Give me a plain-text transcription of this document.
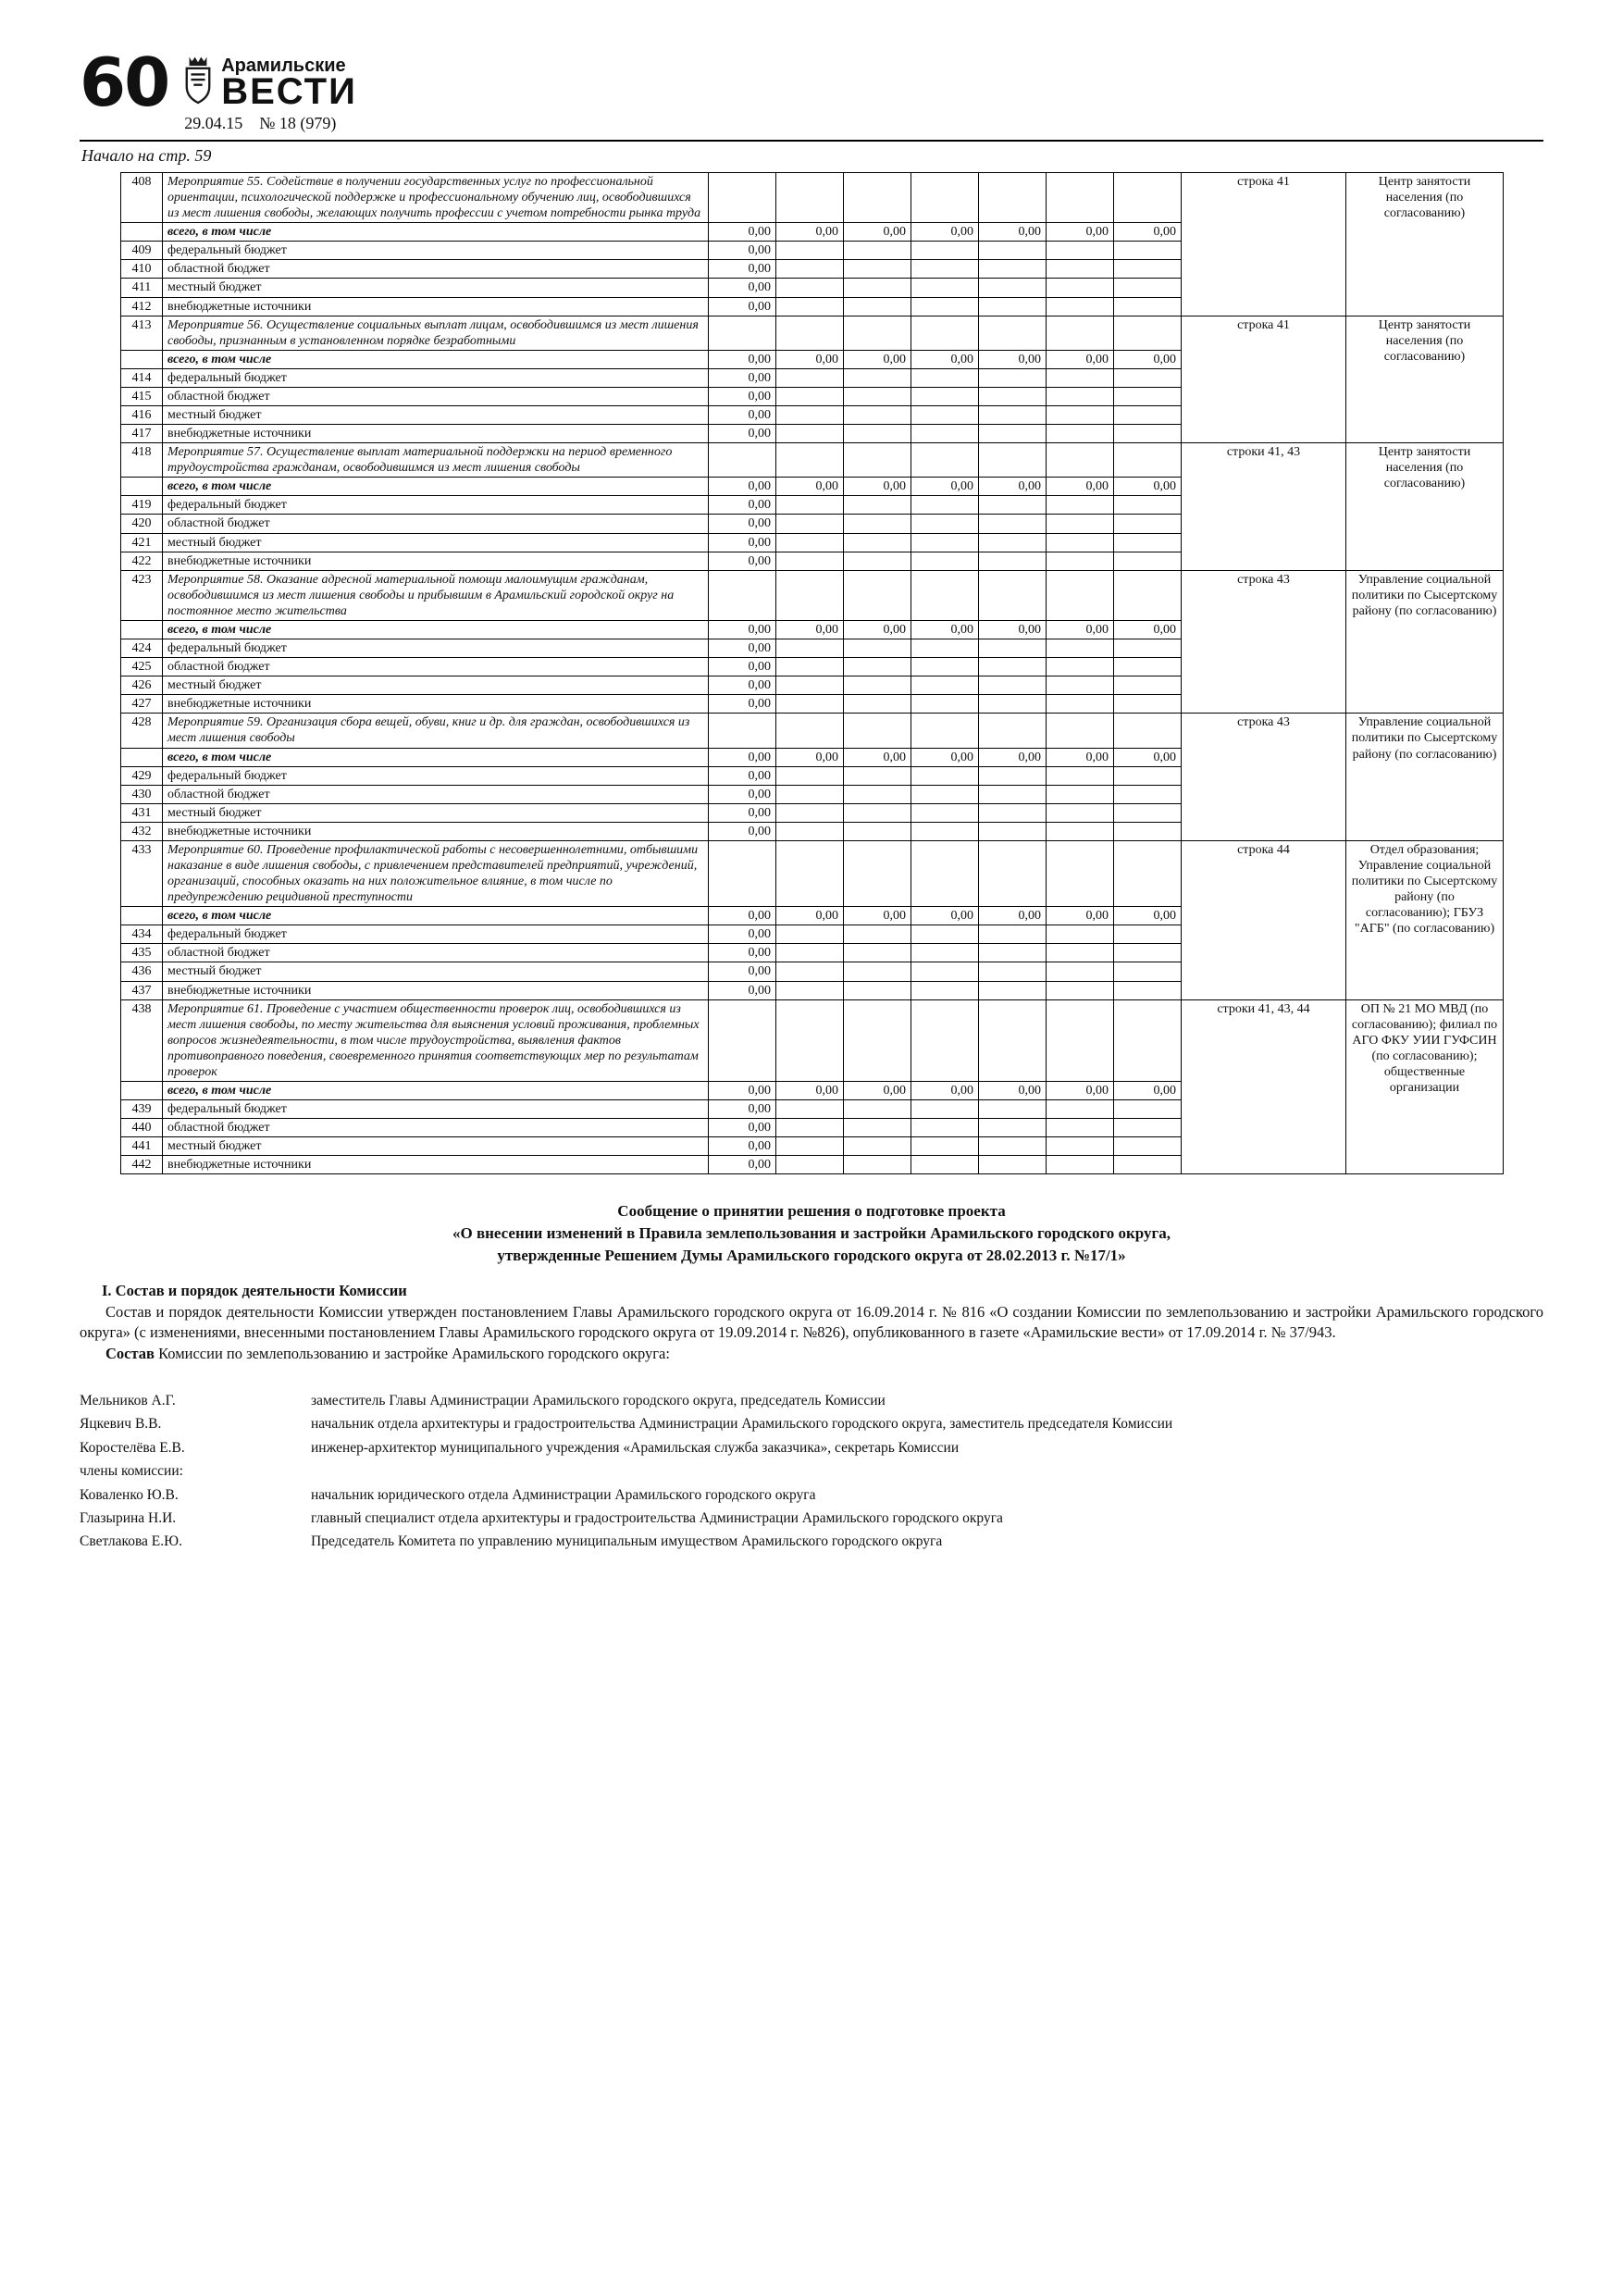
60	Арамильские
ВЕСТИ
29.04.15 № 18 (979)
Начало на стр. 59
408	Мероприятие 55. Содействие в получении государственных услуг по профессиональной ориентации, психологической поддержке и профессиональному обучению лиц, освободившихся из мест лишения свободы, желающих получить профессии с учетом потребности рынка труда								строка 41	Центр занятости населения (по согласованию)
	всего, в том числе	0,00	0,00	0,00	0,00	0,00	0,00	0,00		
409	федеральный бюджет	0,00								
410	областной бюджет	0,00								
411	местный бюджет	0,00								
412	внебюджетные источники	0,00								
413	Мероприятие 56. Осуществление социальных выплат лицам, освободившимся из мест лишения свободы, признанным в установленном порядке безработными								строка 41	Центр занятости населения (по согласованию)
	всего, в том числе	0,00	0,00	0,00	0,00	0,00	0,00	0,00		
414	федеральный бюджет	0,00								
415	областной бюджет	0,00								
416	местный бюджет	0,00								
417	внебюджетные источники	0,00								
418	Мероприятие 57. Осуществление выплат материальной поддержки на период временного трудоустройства гражданам, освободившимся из мест лишения свободы								строки 41, 43	Центр занятости населения (по согласованию)
	всего, в том числе	0,00	0,00	0,00	0,00	0,00	0,00	0,00		
419	федеральный бюджет	0,00								
420	областной бюджет	0,00								
421	местный бюджет	0,00								
422	внебюджетные источники	0,00								
423	Мероприятие 58. Оказание адресной материальной помощи малоимущим гражданам, освободившимся из мест лишения свободы и прибывшим в Арамильский городской округ на постоянное место жительства								строка 43	Управление социальной политики по Сысертскому району (по согласованию)
	всего, в том числе	0,00	0,00	0,00	0,00	0,00	0,00	0,00		
424	федеральный бюджет	0,00								
425	областной бюджет	0,00								
426	местный бюджет	0,00								
427	внебюджетные источники	0,00								
428	Мероприятие 59. Организация сбора вещей, обуви, книг и др. для граждан, освободившихся из мест лишения свободы								строка 43	Управление социальной политики по Сысертскому району (по согласованию)
	всего, в том числе	0,00	0,00	0,00	0,00	0,00	0,00	0,00		
429	федеральный бюджет	0,00								
430	областной бюджет	0,00								
431	местный бюджет	0,00								
432	внебюджетные источники	0,00								
433	Мероприятие 60. Проведение профилактической работы с несовершеннолетними, отбывшими наказание в виде лишения свободы, с привлечением представителей предприятий, учреждений, организаций, способных оказать на них положительное влияние, в том числе по предупреждению рецидивной преступности								строка 44	Отдел образования; Управление социальной политики по Сысертскому району (по согласованию); ГБУЗ "АГБ" (по согласованию)
	всего, в том числе	0,00	0,00	0,00	0,00	0,00	0,00	0,00		
434	федеральный бюджет	0,00								
435	областной бюджет	0,00								
436	местный бюджет	0,00								
437	внебюджетные источники	0,00								
438	Мероприятие 61. Проведение с участием общественности проверок лиц, освободившихся из мест лишения свободы, по месту жительства для выяснения условий проживания, проблемных вопросов жизнедеятельности, в том числе трудоустройства, выявления фактов противоправного поведения, своевременного принятия соответствующих мер по результатам проверок								строки 41, 43, 44	ОП № 21 МО МВД (по согласованию); филиал по АГО ФКУ УИИ ГУФСИН (по согласованию); общественные организации
	всего, в том числе	0,00	0,00	0,00	0,00	0,00	0,00	0,00		
439	федеральный бюджет	0,00								
440	областной бюджет	0,00								
441	местный бюджет	0,00								
442	внебюджетные источники	0,00								
Сообщение о принятии решения о подготовке проекта
«О внесении изменений в Правила землепользования и застройки Арамильского городского округа,
утвержденные Решением Думы Арамильского городского округа от 28.02.2013 г. №17/1»
I. Состав и порядок деятельности Комиссии

Состав и порядок деятельности Комиссии утвержден постановлением Главы Арамильского городского округа от 16.09.2014 г. № 816 «О создании Комиссии по землепользованию и застройки Арамильского городского округа» (с изменениями, внесенными постановлением Главы Арамильского городского округа от 19.09.2014 г. №826), опубликованного в газете «Арамильские вести» от 17.09.2014 г. № 37/943.

Состав Комиссии по землепользованию и застройке Арамильского городского округа:

Мельников А.Г.	заместитель Главы Администрации Арамильского городского округа, председатель Комиссии
Яцкевич В.В.	начальник отдела архитектуры и градостроительства Администрации Арамильского городского округа, заместитель председателя Комиссии
Коростелёва Е.В.	инженер-архитектор муниципального учреждения «Арамильская служба заказчика», секретарь Комиссии
члены комиссии:
Коваленко Ю.В.	начальник юридического отдела Администрации Арамильского городского округа
Глазырина Н.И.	главный специалист отдела архитектуры и градостроительства Администрации Арамильского городского округа
Светлакова Е.Ю.	Председатель Комитета по управлению муниципальным имуществом Арамильского городского округа
